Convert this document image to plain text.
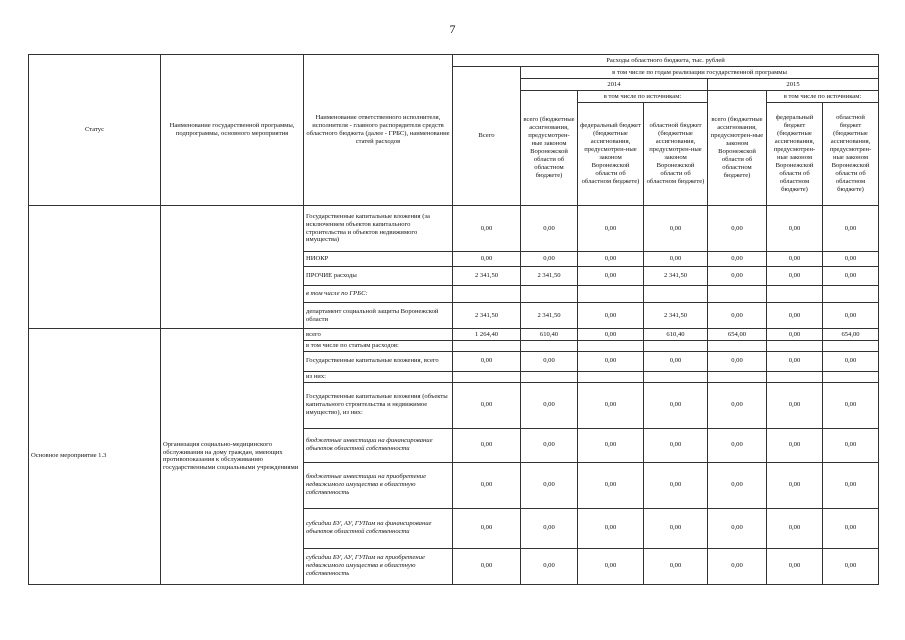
7
Статус	Наименование государственной программы, подпрограммы, основного мероприятия	Наименование ответственного исполнителя, исполнителя - главного распорядителя средств областного бюджета (далее - ГРБС), наименование статей расходов	Расходы областного бюджета, тыс. рублей						
			Всего	в том числе по годам реализации государственной программы					
				2014			2015		
				всего (бюджетные ассигнования, предусмотрен-ные законом Воронежской области об областном бюджете)	в том числе по источникам:		всего (бюджетные ассигнования, предусмотрен-ные законом Воронежской области об областном бюджете)	в том числе по источникам:	
					федеральный бюджет (бюджетные ассигнования, предусмотрен-ные законом Воронежской области об областном бюджете)	областной бюджет (бюджетные ассигнования, предусмотрен-ные законом Воронежской области об областном бюджете)		федеральный бюджет (бюджетные ассигнования, предусмотрен-ные законом Воронежской области об областном бюджете)	областной бюджет (бюджетные ассигнования, предусмотрен-ные законом Воронежской области об областном бюджете)
		Государственные капитальные вложения (за исключением объектов капитального строительства и объектов недвижимого имущества)	0,00	0,00	0,00	0,00	0,00	0,00	0,00
		НИОКР	0,00	0,00	0,00	0,00	0,00	0,00	0,00
		ПРОЧИЕ расходы	2 341,50	2 341,50	0,00	2 341,50	0,00	0,00	0,00
		в том числе по ГРБС:							
		департамент социальной защиты Воронежской области	2 341,50	2 341,50	0,00	2 341,50	0,00	0,00	0,00
Основное мероприятие 1.3	Организация социально-медицинского обслуживания на дому граждан, имеющих противопоказания к обслуживанию государственными социальными учреждениями	всего	1 264,40	610,40	0,00	610,40	654,00	0,00	654,00
		в том числе по статьям расходов:							
		Государственные капитальные вложения, всего	0,00	0,00	0,00	0,00	0,00	0,00	0,00
		из них:							
		Государственные капитальные вложения (объекты капитального строительства и недвижимое имущество), из них:	0,00	0,00	0,00	0,00	0,00	0,00	0,00
		бюджетные инвестиции на финансирование объектов областной собственности	0,00	0,00	0,00	0,00	0,00	0,00	0,00
		бюджетные инвестиции на приобретение недвижимого имущества в областную собственность	0,00	0,00	0,00	0,00	0,00	0,00	0,00
		субсидии БУ, АУ, ГУПам на финансирование объектов областной собственности	0,00	0,00	0,00	0,00	0,00	0,00	0,00
		субсидии БУ, АУ, ГУПам на приобретение недвижимого имущества в областную собственность	0,00	0,00	0,00	0,00	0,00	0,00	0,00
